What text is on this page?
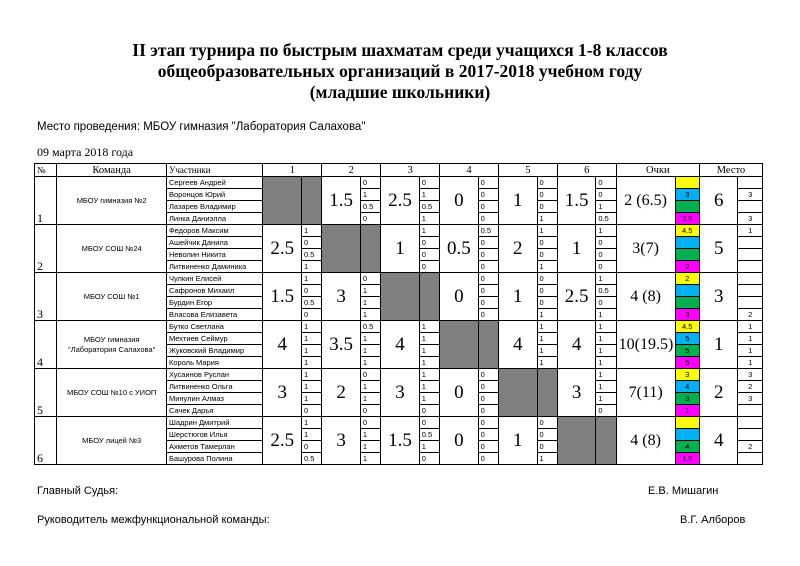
II этап турнира по быстрым шахматам среди учащихся 1-8 классов
общеобразовательных организаций в 2017-2018 учебном году
(младшие школьники)
Место проведения: МБОУ гимназия "Лаборатория Салахова"
09 марта 2018 года
№	Команда	Участники	1		2		3		4		5		6		Очки		Место	
1	МБОУ гимназия №2	Сергеев Андрей			1.5	0	2.5	0	0	0	1	0	1.5	0	2 (6.5)		6	
		Воронцов Юрий				1		1		0		0		0		3		3
		Лазарев Владимир				0.5		0.5		0		0		1				
		Линка Даниэлла				0		1		0		1		0.5		2.5		3
2	МБОУ СОШ №24	Федоров Максим	2.5	1			1	1	0.5	0.5	2	1	1	1	3(7)	4.5	5	1
		Ашейчик Данила		0				0		0		0		0				
		Неволин Никита		0.5				0		0		0		0				
		Литвиненко Даминика		1				0		0		1		0		2		
3	МБОУ СОШ №1	Чулкин Елисей	1.5	1	3	0			0	0	1	0	2.5	1	4 (8)	2	3	
		Сафронов Михаил		0		1				0		0		0.5				
		Бурдин Егор		0.5		1				0		0		0				
		Власова Елизавета		0		1				0		1		1		3		2
4	МБОУ гимназия "Лаборатория Салахова"	Бутко Светлана	4	1	3.5	0.5	4	1			4	1	4	1	10(19.5)	4.5	1	1
		Мехтиев Сеймур		1		1		1				1		1		5		1
		Жуковский Владимир		1		1		1				1		1		5		1
		Король Мария		1		1		1				1		1		5		1
5	МБОУ СОШ №10 с УИОП	Хусаинов Руслан	3	1	2	0	3	1	0	0			3	1	7(11)	3	2	3
		Литвиненко Ольга		1		1		1		0				1		4		2
		Минулин Алмаз		1		1		1		0				1		3		3
		Сачек Дарья		0		0		0		0				0		1		
6	МБОУ лицей №3	Шадрин Дмитрий	2.5	1	3	0	1.5	0	0	0	1	0			4 (8)		4	
		Шерстюгов Илья		1		1		0.5		0		0						
		Ахметов Тамерлан		0		1		1		0		0				4		2
		Башурова Полина		0.5		1		0		0		1				1.5		
Главный Судья:	Е.В. Мишагин
Руководитель межфункциональной команды:	В.Г. Алборов
